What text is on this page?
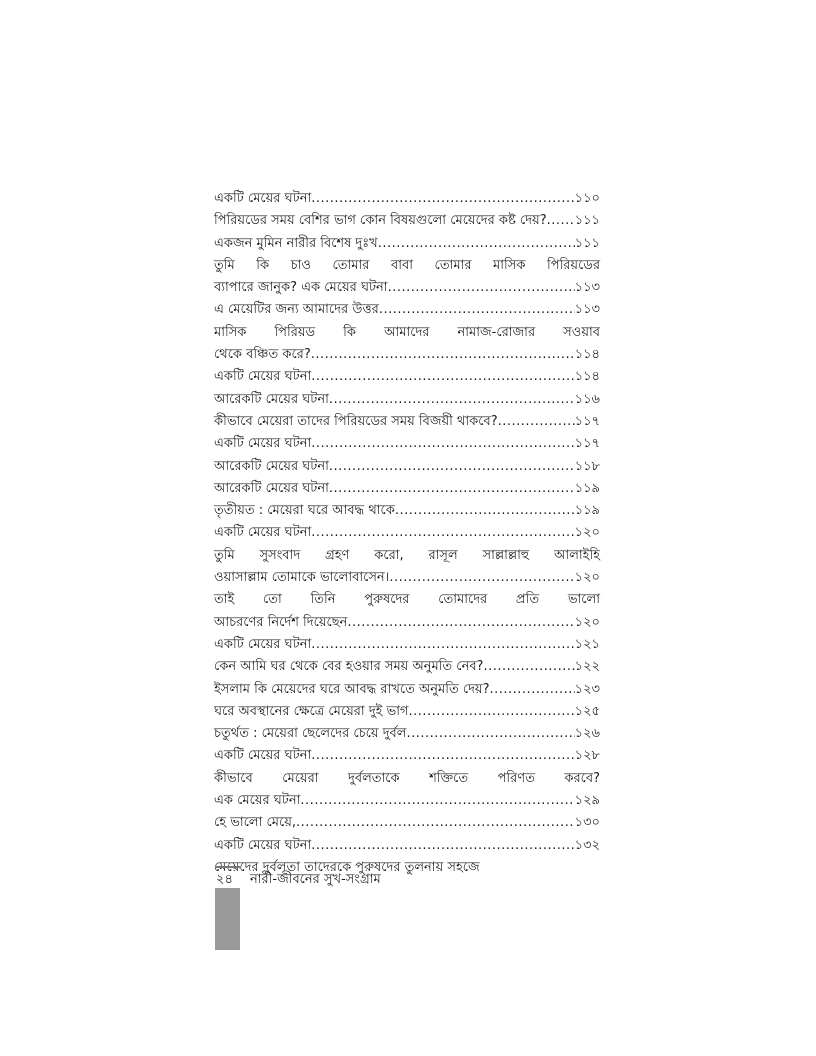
একটি মেয়ের ঘটনা .....	১১০
পিরিয়ডের সময় বেশির ভাগ কোন বিষয়গুলো মেয়েদের কষ্ট দেয়? ..... ১১১
একজন মুমিন নারীর বিশেষ দুঃখ .....	১১১
তুমি কি চাও তোমার বাবা তোমার মাসিক পিরিয়ডের
ব্যাপারে জানুক? এক মেয়ের ঘটনা .....	১১৩
এ মেয়েটির জন্য আমাদের উত্তর .....	১১৩
মাসিক পিরিয়ড কি আমাদের নামাজ-রোজার সওয়াব
থেকে বঞ্চিত করে? .....	১১৪
একটি মেয়ের ঘটনা .....	১১৪
আরেকটি মেয়ের ঘটনা .....	১১৬
কীভাবে মেয়েরা তাদের পিরিয়ডের সময় বিজয়ী থাকবে? .....	১১৭
একটি মেয়ের ঘটনা .....	১১৭
আরেকটি মেয়ের ঘটনা .....	১১৮
আরেকটি মেয়ের ঘটনা .....	১১৯
তৃতীয়ত : মেয়েরা ঘরে আবদ্ধ থাকে .....	১১৯
একটি মেয়ের ঘটনা .....	১২০
তুমি সুসংবাদ গ্রহণ করো, রাসূল সাল্লাল্লাহু আলাইহি
ওয়াসাল্লাম তোমাকে ভালোবাসেন। .....	১২০
তাই তো তিনি পুরুষদের তোমাদের প্রতি ভালো
আচরণের নির্দেশ দিয়েছেন .....	১২০
একটি মেয়ের ঘটনা .....	১২১
কেন আমি ঘর থেকে বের হওয়ার সময় অনুমতি নেব? .....	১২২
ইসলাম কি মেয়েদের ঘরে আবদ্ধ রাখতে অনুমতি দেয়? .....	১২৩
ঘরে অবস্থানের ক্ষেত্রে মেয়েরা দুই ভাগ .....	১২৫
চতুর্থত : মেয়েরা ছেলেদের চেয়ে দুর্বল .....	১২৬
একটি মেয়ের ঘটনা .....	১২৮
কীভাবে মেয়েরা দুর্বলতাকে শক্তিতে পরিণত করবে?
এক মেয়ের ঘটনা .....	১২৯
হে ভালো মেয়ে, .....	১৩০
একটি মেয়ের ঘটনা .....	১৩২
মেয়েদের দুর্বলতা তাদেরকে পুরুষদের তুলনায় সহজে
২৪ নারী-জীবনের সুখ-সংগ্রাম
